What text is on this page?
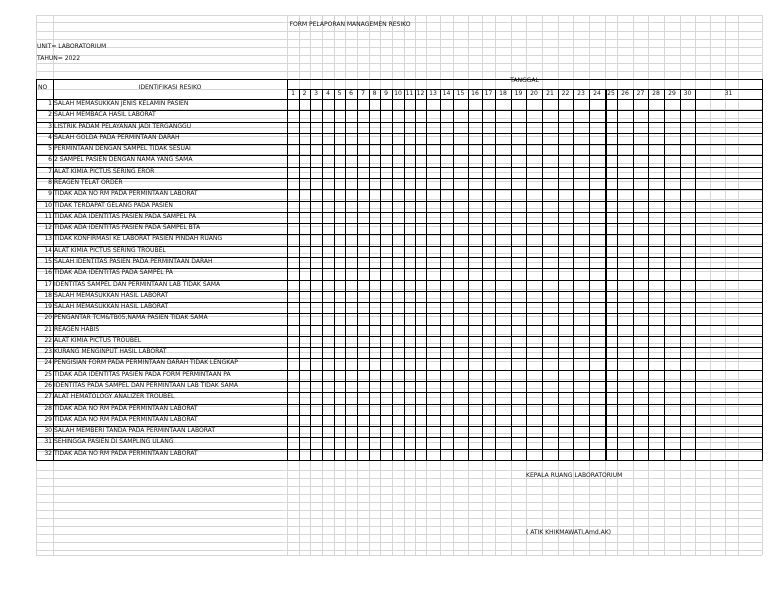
FORM PELAPORAN MANAGEMEN RESIKO
UNIT= LABORATORIUM
TAHUN= 2022
NO	IDENTIFIKASI RESIKO
TANGGAL
KEPALA RUANG LABORATORIUM
( ATIK KHIKMAWATI,Amd.AK)
1	2	3	4	5	6	7	8	9	10 11 12 13 14	15	16 17	18	19	20	21	22	23	24	25	26	27	28	29	30	31
1 SALAH MEMASUKKAN JENIS KELAMIN PASIEN
2 SALAH MEMBACA HASIL LABORAT
3 LISTRIK PADAM PELAYANAN JADI TERGANGGU
4 SALAH GOLDA PADA PERMINTAAN DARAH
5 PERMINTAAN DENGAN SAMPEL TIDAK SESUAI
6 2 SAMPEL PASIEN DENGAN NAMA YANG SAMA
7 ALAT KIMIA PICTUS SERING EROR
8 REAGEN TELAT ORDER
9 TIDAK ADA NO RM PADA PERMINTAAN LABORAT
10 TIDAK TERDAPAT GELANG PADA PASIEN
11 TIDAK ADA IDENTITAS PASIEN PADA SAMPEL PA
12 TIDAK ADA IDENTITAS PASIEN PADA SAMPEL BTA
13 TIDAK KONFIRMASI KE LABORAT PASIEN PINDAH RUANG
14 ALAT KIMIA PICTUS SERING TROUBEL
15 SALAH IDENTITAS PASIEN PADA PERMINTAAN DARAH
16 TIDAK ADA IDENTITAS PADA SAMPEL PA
17 IDENTITAS SAMPEL DAN PERMINTAAN LAB TIDAK SAMA
18 SALAH MEMASUKKAN HASIL LABORAT
19 SALAH MEMASUKKAN HASIL LABORAT
20 PENGANTAR TCM&TB05,NAMA PASIEN TIDAK SAMA
21 REAGEN HABIS
22 ALAT KIMIA PICTUS TROUBEL
23 KURANG MENGINPUT HASIL LABORAT
24 PENGISIAN FORM PADA PERMINTAAN DARAH TIDAK LENGKAP
25 TIDAK ADA IDENTITAS PASIEN PADA FORM PERMINTAAN PA
26 IDENTITAS PADA SAMPEL DAN PERMINTAAN LAB TIDAK SAMA
27 ALAT HEMATOLOGY ANALIZER TROUBEL
28 TIDAK ADA NO RM PADA PERMINTAAN LABORAT
29 TIDAK ADA NO RM PADA PERMINTAAN LABORAT
30 SALAH MEMBERI TANDA PADA PERMINTAAN LABORAT
31 SEHINGGA PASIEN DI SAMPLING ULANG
32 TIDAK ADA NO RM PADA PERMINTAAN LABORAT
